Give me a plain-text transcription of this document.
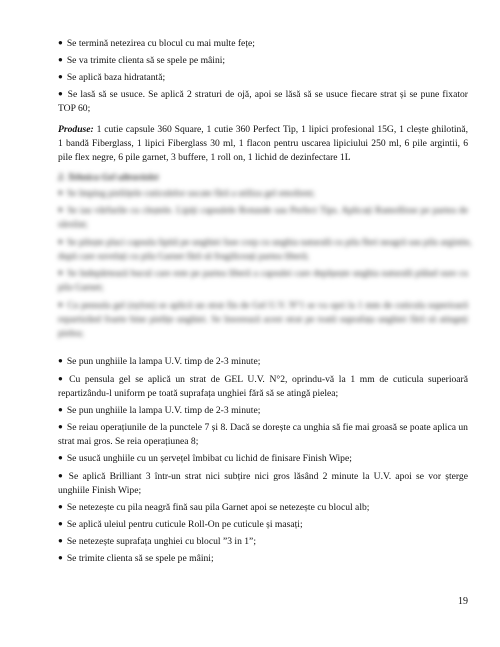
● Se termină netezirea cu blocul cu mai multe fețe;
● Se va trimite clienta să se spele pe mâini;
● Se aplică baza hidratantă;
● Se lasă să se usuce. Se aplică 2 straturi de ojă, apoi se lăsă să se usuce fiecare strat și se pune fixator
TOP 60;
Produse: 1 cutie capsule 360 Square, 1 cutie 360 Perfect Tip, 1 lipici profesional 15G, 1 clește ghilotină,
1 bandă Fiberglass, 1 lipici Fiberglass 30 ml, 1 flacon pentru uscarea lipiciului 250 ml, 6 pile argintii, 6
pile flex negre, 6 pile garnet, 3 buffere, 1 roll on, 1 lichid de dezinfectare 1L
2. Tehnica Gel ultraviolet
● Se împing pieliițele cuticulelor uscate fără a utiliza gel emolient;
● Se iau vârfurile cu cleștele. Lipiți capsulele Rotunde sau Perfect Tips. Aplicați Ramollisse pe partea de
sărsilat;
● Se pilește placi capsula lipită pe unghiei fase corp cu unghia naturală cu pila fleri neagră sau pila argintie,
după care suvelați cu pila Garnet fără să frugiliceați partea liberă;
● Se îndepărtează bucul care este pe partea liberă a capsulei care depășește unghia naturală păâad sure cu
pila Garnet;
● Cu pensula gel (nylon) se aplică un strat fin de Gel U.V. N°1 se va opri la 1 mm de cuticula superioară
repartizând foarte bine pielițe unghiei. Se însorează acest strat pe toată suprafața unghiei fără să atingeți
pielea;
● Se pun unghiile la lampa U.V. timp de 2-3 minute;
● Cu pensula gel se aplică un strat de GEL U.V. N°2, oprindu-vă la 1 mm de cuticula superioară
repartizându-l uniform pe toată suprafața unghiei fără să se atingă pielea;
● Se pun unghiile la lampa U.V. timp de 2-3 minute;
● Se reiau operațiunile de la punctele 7 și 8. Dacă se dorește ca unghia să fie mai groasă se poate aplica un
strat mai gros. Se reia operațiunea 8;
● Se usucă unghiile cu un șervețel îmbibat cu lichid de finisare Finish Wipe;
● Se aplică Brilliant 3 într-un strat nici subțire nici gros lăsând 2 minute la U.V. apoi se vor șterge
unghiile Finish Wipe;
● Se netezește cu pila neagră fină sau pila Garnet apoi se netezește cu blocul alb;
● Se aplică uleiul pentru cuticule Roll-On pe cuticule și masați;
● Se netezește suprafața unghiei cu blocul ”3 in 1”;
● Se trimite clienta să se spele pe mâini;
19
